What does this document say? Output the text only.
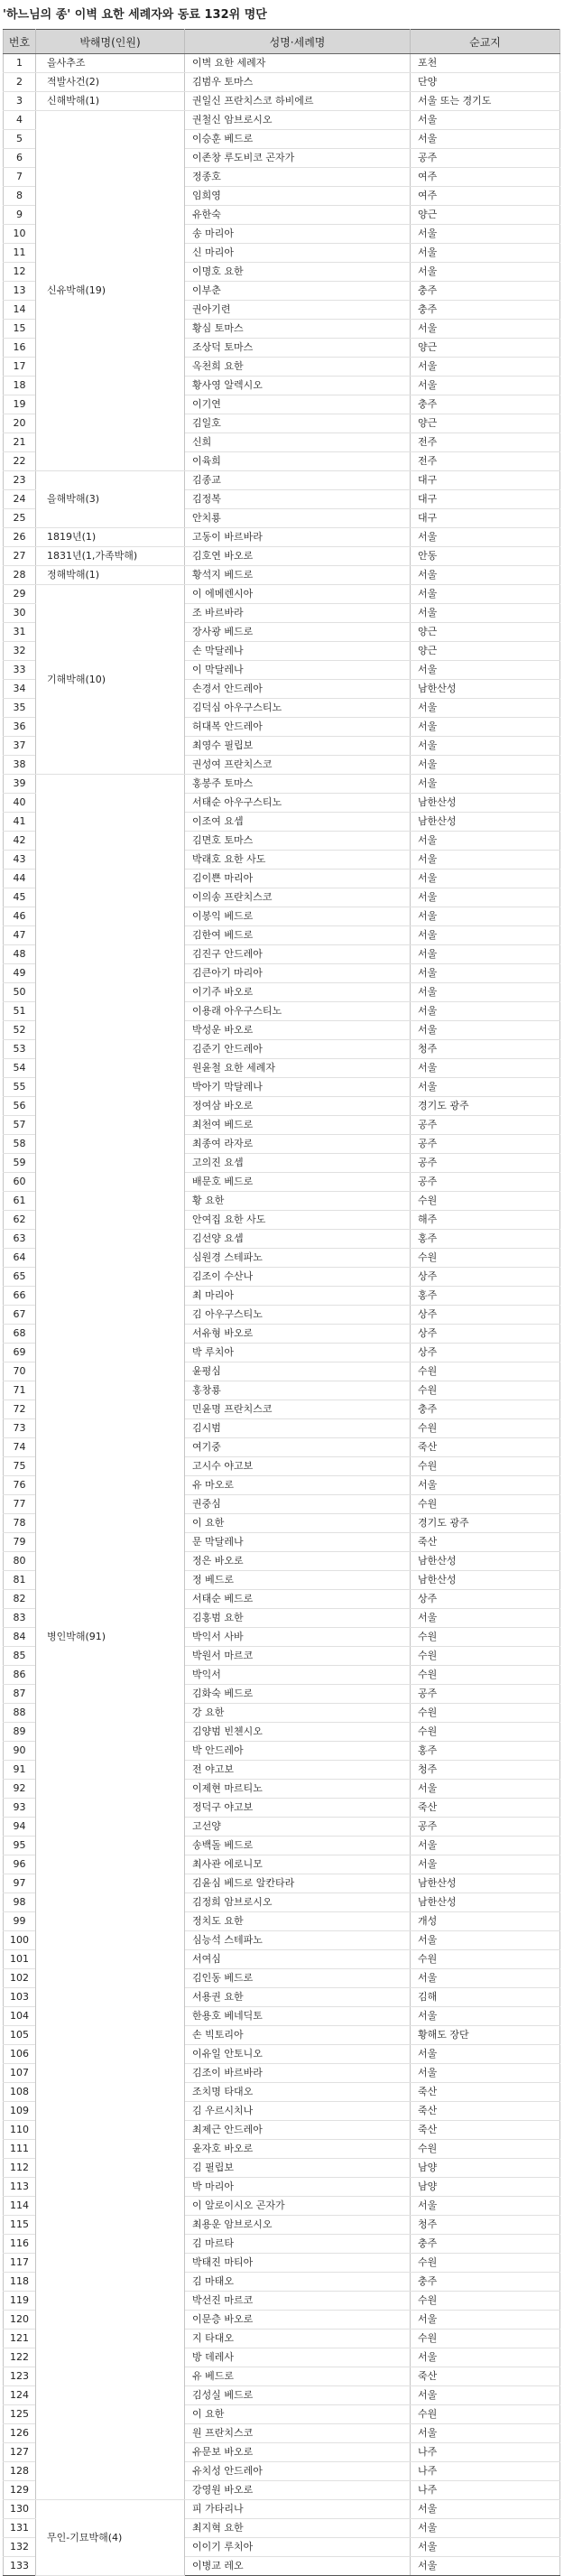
'하느님의 종' 이벽 요한 세례자와 동료 132위 명단
번호	박해명(인원)	성명·세례명	순교지
1	을사추조	이벽 요한 세례자	포천
2	적발사건(2)	김범우 토마스	단양
3	신해박해(1)	권일신 프란치스코 하비에르	서울 또는 경기도
4	신유박해(19)	권철신 암브로시오	서울
5		이승훈 베드로	서울
6		이존창 루도비코 곤자가	공주
7		정종호	여주
8		임희영	여주
9		유한숙	양근
10		송 마리아	서울
11		신 마리아	서울
12		이명호 요한	서울
13		이부춘	충주
14		권아기련	충주
15		황심 토마스	서울
16		조상덕 토마스	양근
17		옥천희 요한	서울
18		황사영 알렉시오	서울
19		이기연	충주
20		김일호	양근
21		신희	전주
22		이육희	전주
23	을해박해(3)	김종교	대구
24		김정복	대구
25		안치룡	대구
26	1819년(1)	고동이 바르바라	서울
27	1831년(1,가족박해)	김호연 바오로	안동
28	정해박해(1)	황석지 베드로	서울
29	기해박해(10)	이 에메렌시아	서울
30		조 바르바라	서울
31		장사광 베드로	양근
32		손 막달레나	양근
33		이 막달레나	서울
34		손경서 안드레아	남한산성
35		김덕심 아우구스티노	서울
36		허대복 안드레아	서울
37		최영수 필립보	서울
38		권성여 프란치스코	서울
39	병인박해(91)	홍봉주 토마스	서울
40		서태순 아우구스티노	남한산성
41		이조여 요셉	남한산성
42		김면호 토마스	서울
43		박래호 요한 사도	서울
44		김이쁜 마리아	서울
45		이의송 프란치스코	서울
46		이봉익 베드로	서울
47		김한여 베드로	서울
48		김진구 안드레아	서울
49		김큰아기 마리아	서울
50		이기주 바오로	서울
51		이용래 아우구스티노	서울
52		박성운 바오로	서울
53		김준기 안드레아	청주
54		원윤철 요한 세례자	서울
55		박아기 막달레나	서울
56		정여삼 바오로	경기도 광주
57		최천여 베드로	공주
58		최종여 라자로	공주
59		고의진 요셉	공주
60		배문호 베드로	공주
61		황 요한	수원
62		안여집 요한 사도	해주
63		김선양 요셉	홍주
64		심원경 스테파노	수원
65		김조이 수산나	상주
66		최 마리아	홍주
67		김 아우구스티노	상주
68		서유형 바오로	상주
69		박 루치아	상주
70		윤평심	수원
71		홍창룡	수원
72		민윤명 프란치스코	충주
73		김시범	수원
74		여기중	죽산
75		고시수 야고보	수원
76		유 마오로	서울
77		권중심	수원
78		이 요한	경기도 광주
79		문 막달레나	죽산
80		정은 바오로	남한산성
81		정 베드로	남한산성
82		서태순 베드로	상주
83		김홍범 요한	서울
84		박익서 사바	수원
85		박원서 마르코	수원
86		박익서	수원
87		김화숙 베드로	공주
88		강 요한	수원
89		김양범 빈첸시오	수원
90		박 안드레아	홍주
91		전 야고보	청주
92		이제현 마르티노	서울
93		정덕구 야고보	죽산
94		고선양	공주
95		송백돌 베드로	서울
96		최사관 에로니모	서울
97		김윤심 베드로 알칸타라	남한산성
98		김정희 암브로시오	남한산성
99		정치도 요한	개성
100		심능석 스테파노	서울
101		서여심	수원
102		김인동 베드로	서울
103		서용권 요한	김해
104		한용호 베네딕토	서울
105		손 빅토리아	황해도 장단
106		이유일 안토니오	서울
107		김조이 바르바라	서울
108		조치명 타대오	죽산
109		김 우르시치나	죽산
110		최제근 안드레아	죽산
111		윤자호 바오로	수원
112		김 필립보	남양
113		박 마리아	남양
114		이 알로이시오 곤자가	서울
115		최용운 암브로시오	청주
116		김 마르타	충주
117		박태진 마티아	수원
118		김 마태오	충주
119		박선진 마르코	수원
120		이문층 바오로	서울
121		지 타대오	수원
122		방 데레사	서울
123		유 베드로	죽산
124		김성실 베드로	서울
125		이 요한	수원
126		원 프란치스코	서울
127		유문보 바오로	나주
128		유치성 안드레아	나주
129		강영원 바오로	나주
130	무인-기묘박해(4)	피 가타리나	서울
131		최지혁 요한	서울
132		이이기 루치아	서울
133		이병교 레오	서울
